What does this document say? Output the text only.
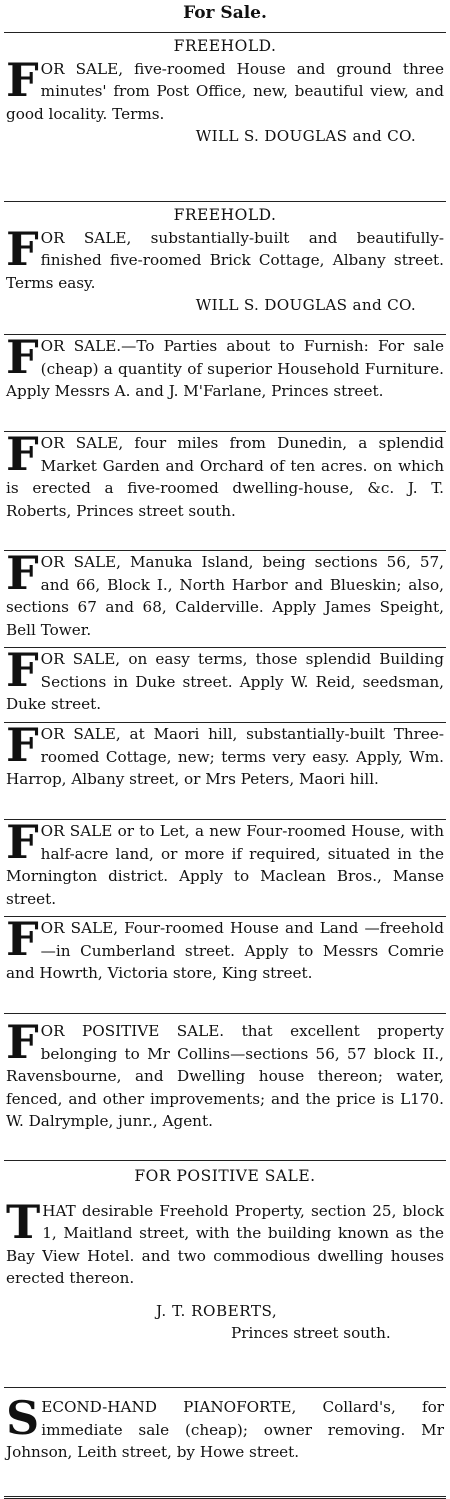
For Sale.
FREEHOLD.
FOR SALE, five-roomed House and ground three minutes' from Post Office, new, beautiful view, and good locality. Terms.
WILL S. DOUGLAS and CO.
FREEHOLD.
FOR SALE, substantially-built and beautifully-finished five-roomed Brick Cottage, Albany street. Terms easy.
WILL S. DOUGLAS and CO.
FOR SALE.—To Parties about to Furnish: For sale (cheap) a quantity of superior Household Furniture. Apply Messrs A. and J. M'Farlane, Princes street.
FOR SALE, four miles from Dunedin, a splendid Market Garden and Orchard of ten acres. on which is erected a five-roomed dwelling-house, &c. J. T. Roberts, Princes street south.
FOR SALE, Manuka Island, being sections 56, 57, and 66, Block I., North Harbor and Blueskin; also, sections 67 and 68, Calderville. Apply James Speight, Bell Tower.
FOR SALE, on easy terms, those splendid Building Sections in Duke street. Apply W. Reid, seedsman, Duke street.
FOR SALE, at Maori hill, substantially-built Three-roomed Cottage, new; terms very easy. Apply, Wm. Harrop, Albany street, or Mrs Peters, Maori hill.
FOR SALE or to Let, a new Four-roomed House, with half-acre land, or more if required, situated in the Mornington district. Apply to Maclean Bros., Manse street.
FOR SALE, Four-roomed House and Land —freehold—in Cumberland street. Apply to Messrs Comrie and Howrth, Victoria store, King street.
FOR POSITIVE SALE. that excellent property belonging to Mr Collins—sections 56, 57 block II., Ravensbourne, and Dwelling house thereon; water, fenced, and other improvements; and the price is L170. W. Dalrymple, junr., Agent.
FOR POSITIVE SALE.
THAT desirable Freehold Property, section 25, block 1, Maitland street, with the building known as the Bay View Hotel. and two commodious dwelling houses erected thereon.
J. T. ROBERTS,
Princes street south.
SECOND-HAND PIANOFORTE, Collard's, for immediate sale (cheap); owner removing. Mr Johnson, Leith street, by Howe street.
